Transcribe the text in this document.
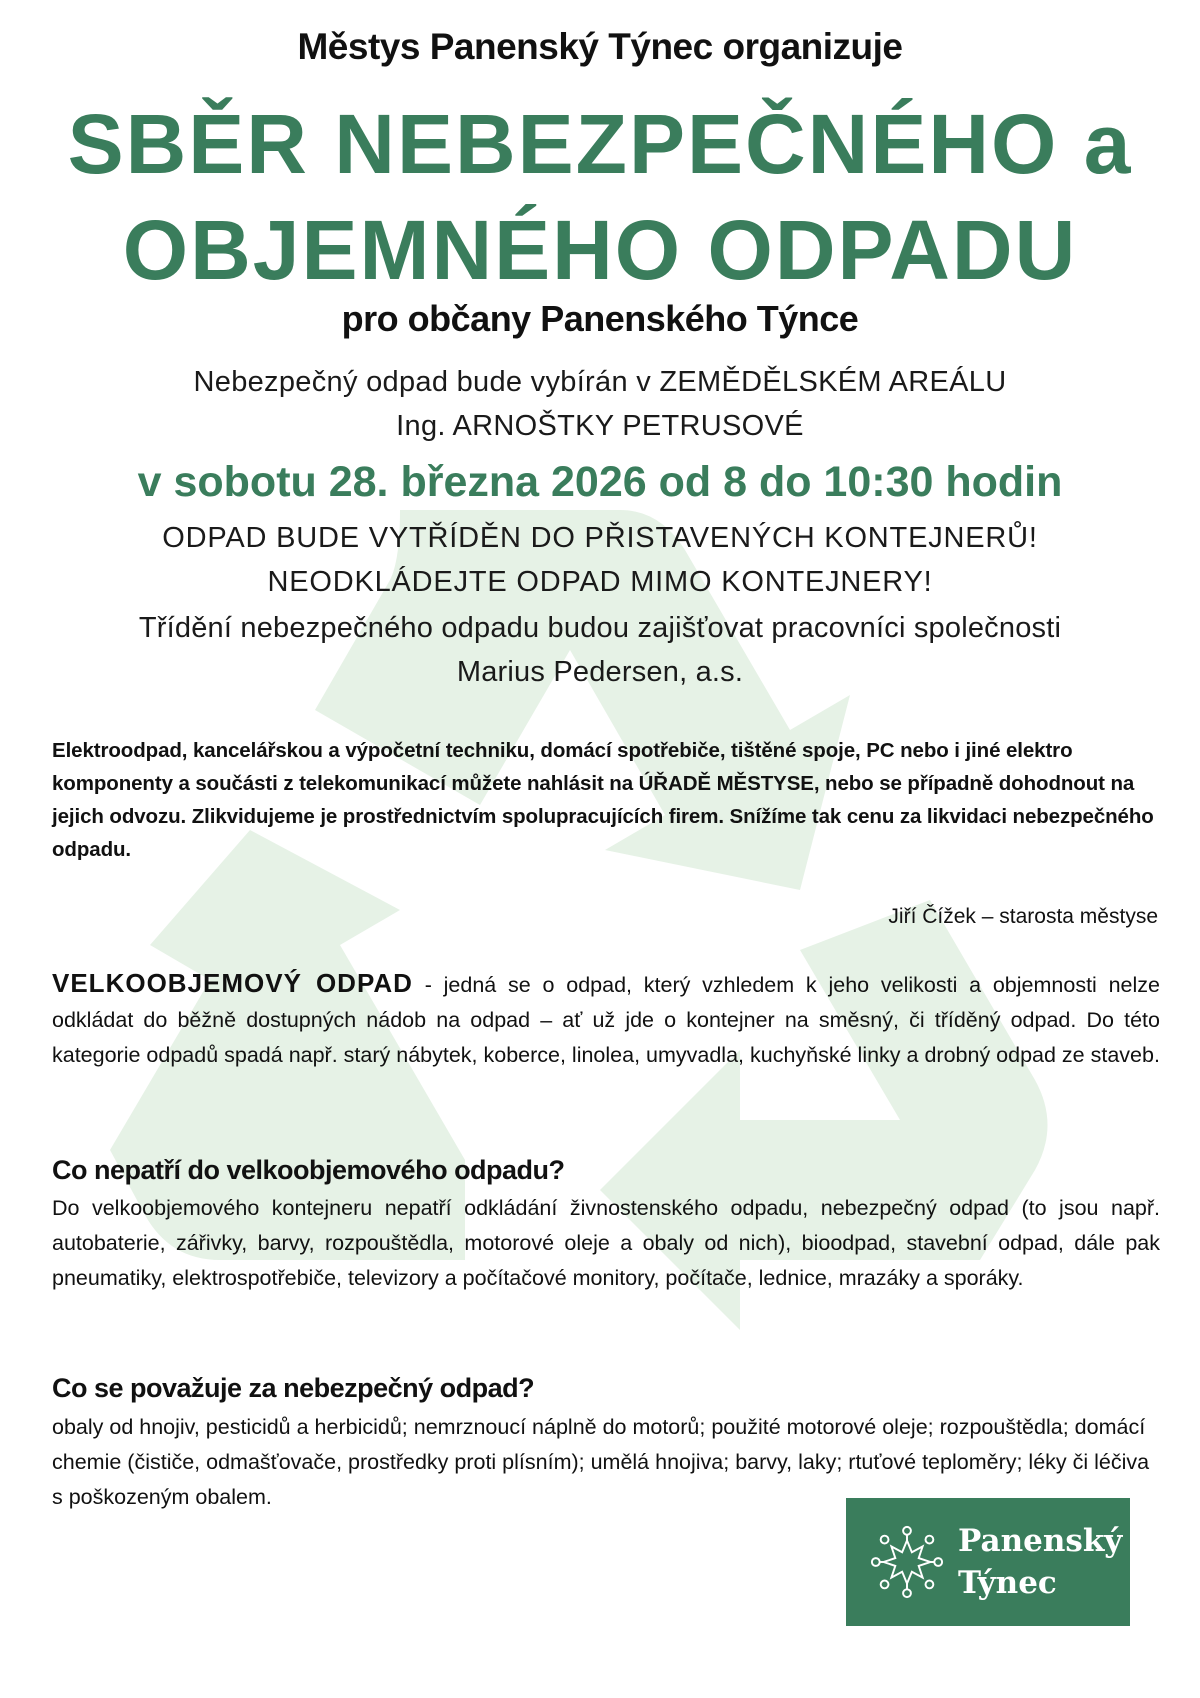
Městys Panenský Týnec organizuje
SBĚR NEBEZPEČNÉHO a
OBJEMNÉHO ODPADU
pro občany Panenského Týnce
Nebezpečný odpad bude vybírán v ZEMĚDĚLSKÉM AREÁLU
Ing. ARNOŠTKY PETRUSOVÉ
v sobotu 28. března 2026 od 8 do 10:30 hodin
ODPAD BUDE VYTŘÍDĚN DO PŘISTAVENÝCH KONTEJNERŮ!
NEODKLÁDEJTE ODPAD MIMO KONTEJNERY!
Třídění nebezpečného odpadu budou zajišťovat pracovníci společnosti
Marius Pedersen, a.s.
Elektroodpad, kancelářskou a výpočetní techniku, domácí spotřebiče, tištěné spoje, PC nebo i jiné elektro komponenty a součásti z telekomunikací můžete nahlásit na ÚŘADĚ MĚSTYSE, nebo se případně dohodnout na jejich odvozu. Zlikvidujeme je prostřednictvím spolupracujících firem. Snížíme tak cenu za likvidaci nebezpečného odpadu.
Jiří Čížek – starosta městyse
VELKOOBJEMOVÝ ODPAD - jedná se o odpad, který vzhledem k jeho velikosti a objemnosti nelze odkládat do běžně dostupných nádob na odpad – ať už jde o kontejner na směsný, či tříděný odpad. Do této kategorie odpadů spadá např. starý nábytek, koberce, linolea, umyvadla, kuchyňské linky a drobný odpad ze staveb.
Co nepatří do velkoobjemového odpadu?
Do velkoobjemového kontejneru nepatří odkládání živnostenského odpadu, nebezpečný odpad (to jsou např. autobaterie, zářivky, barvy, rozpouštědla, motorové oleje a obaly od nich), bioodpad, stavební odpad, dále pak pneumatiky, elektrospotřebiče, televizory a počítačové monitory, počítače, lednice, mrazáky a sporáky.
Co se považuje za nebezpečný odpad?
obaly od hnojiv, pesticidů a herbicidů; nemrznoucí náplně do motorů; použité motorové oleje; rozpouštědla; domácí chemie (čističe, odmašťovače, prostředky proti plísním); umělá hnojiva; barvy, laky; rtuťové teploměry; léky či léčiva s poškozeným obalem.
Panenský
Týnec
